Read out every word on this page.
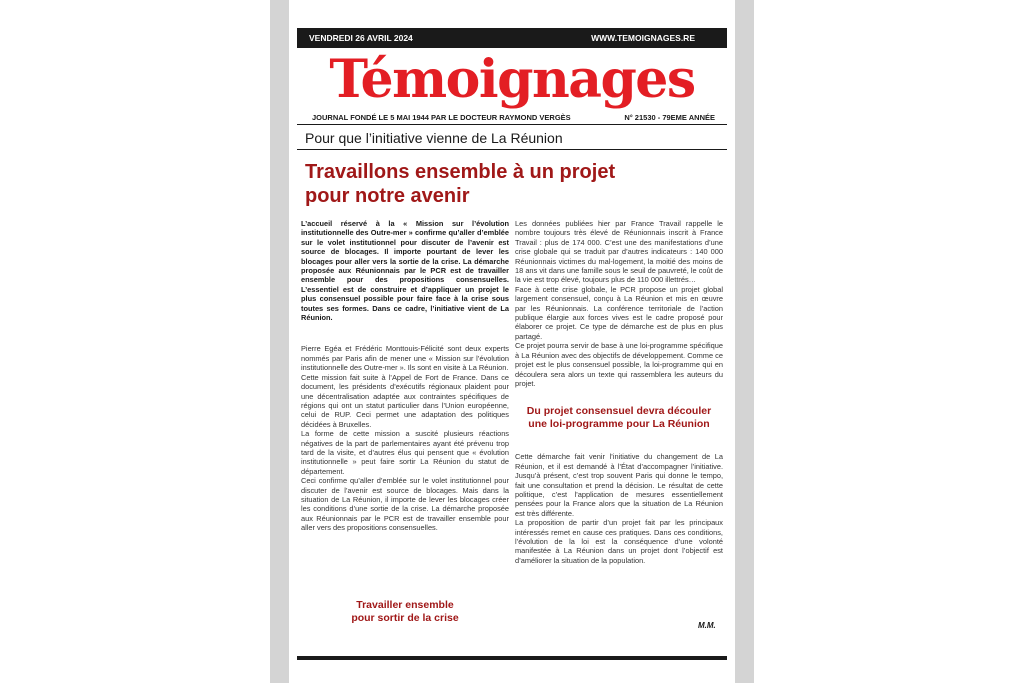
VENDREDI 26 AVRIL 2024	WWW.TEMOIGNAGES.RE
Témoignages
JOURNAL FONDÉ LE 5 MAI 1944 PAR LE DOCTEUR RAYMOND VERGÈS	N° 21530 - 79EME ANNÉE
Pour que l’initiative vienne de La Réunion
Travaillons ensemble à un projet
pour notre avenir

L’accueil réservé à la « Mission sur l’évolution institutionnelle des Outre-mer » confirme qu’aller d’emblée sur le volet institutionnel pour discuter de l’avenir est source de blocages. Il importe pourtant de lever les blocages pour aller vers la sortie de la crise. La démarche proposée aux Réunionnais par le PCR est de travailler ensemble pour des propositions consensuelles. L’essentiel est de construire et d’appliquer un projet le plus consensuel possible pour faire face à la crise sous toutes ses formes. Dans ce cadre, l’initiative vient de La Réunion.

Pierre Egéa et Frédéric Monttouis-Félicité sont deux experts nommés par Paris afin de mener une « Mission sur l’évolution institutionnelle des Outre-mer ». Ils sont en visite à La Réunion.

Cette mission fait suite à l’Appel de Fort de France. Dans ce document, les présidents d’exécutifs régionaux plaident pour une décentralisation adaptée aux contraintes spécifiques de régions qui ont un statut particulier dans l’Union européenne, celui de RUP. Ceci permet une adaptation des politiques décidées à Bruxelles.

La forme de cette mission a suscité plusieurs réactions négatives de la part de parlementaires ayant été prévenu trop tard de la visite, et d’autres élus qui pensent que « évolution institutionnelle » peut faire sortir La Réunion du statut de département.

Ceci confirme qu’aller d’emblée sur le volet institutionnel pour discuter de l’avenir est source de blocages. Mais dans la situation de La Réunion, il importe de lever les blocages créer les conditions d’une sortie de la crise. La démarche proposée aux Réunionnais par le PCR est de travailler ensemble pour aller vers des propositions consensuelles.

Travailler ensemble
pour sortir de la crise

Les données publiées hier par France Travail rappelle le nombre toujours très élevé de Réunionnais inscrit à France Travail : plus de 174 000. C’est une des manifestations d’une crise globale qui se traduit par d’autres indicateurs : 140 000 Réunionnais victimes du mal-logement, la moitié des moins de 18 ans vit dans une famille sous le seuil de pauvreté, le coût de la vie est trop élevé, toujours plus de 110 000 illettrés…

Face à cette crise globale, le PCR propose un projet global largement consensuel, conçu à La Réunion et mis en œuvre par les Réunionnais. La conférence territoriale de l’action publique élargie aux forces vives est le cadre proposé pour élaborer ce projet. Ce type de démarche est de plus en plus partagé.

Ce projet pourra servir de base à une loi-programme spécifique à La Réunion avec des objectifs de développement. Comme ce projet est le plus consensuel possible, la loi-programme qui en découlera sera alors un texte qui rassemblera les auteurs du projet.

Du projet consensuel devra découler
une loi-programme pour La Réunion

Cette démarche fait venir l’initiative du changement de La Réunion, et il est demandé à l’État d’accompagner l’initiative. Jusqu’à présent, c’est trop souvent Paris qui donne le tempo, fait une consultation et prend la décision. Le résultat de cette politique, c’est l’application de mesures essentiellement pensées pour la France alors que la situation de La Réunion est très différente.

La proposition de partir d’un projet fait par les principaux intéressés remet en cause ces pratiques. Dans ces conditions, l’évolution de la loi est la conséquence d’une volonté manifestée à La Réunion dans un projet dont l’objectif est d’améliorer la situation de la population.

M.M.
